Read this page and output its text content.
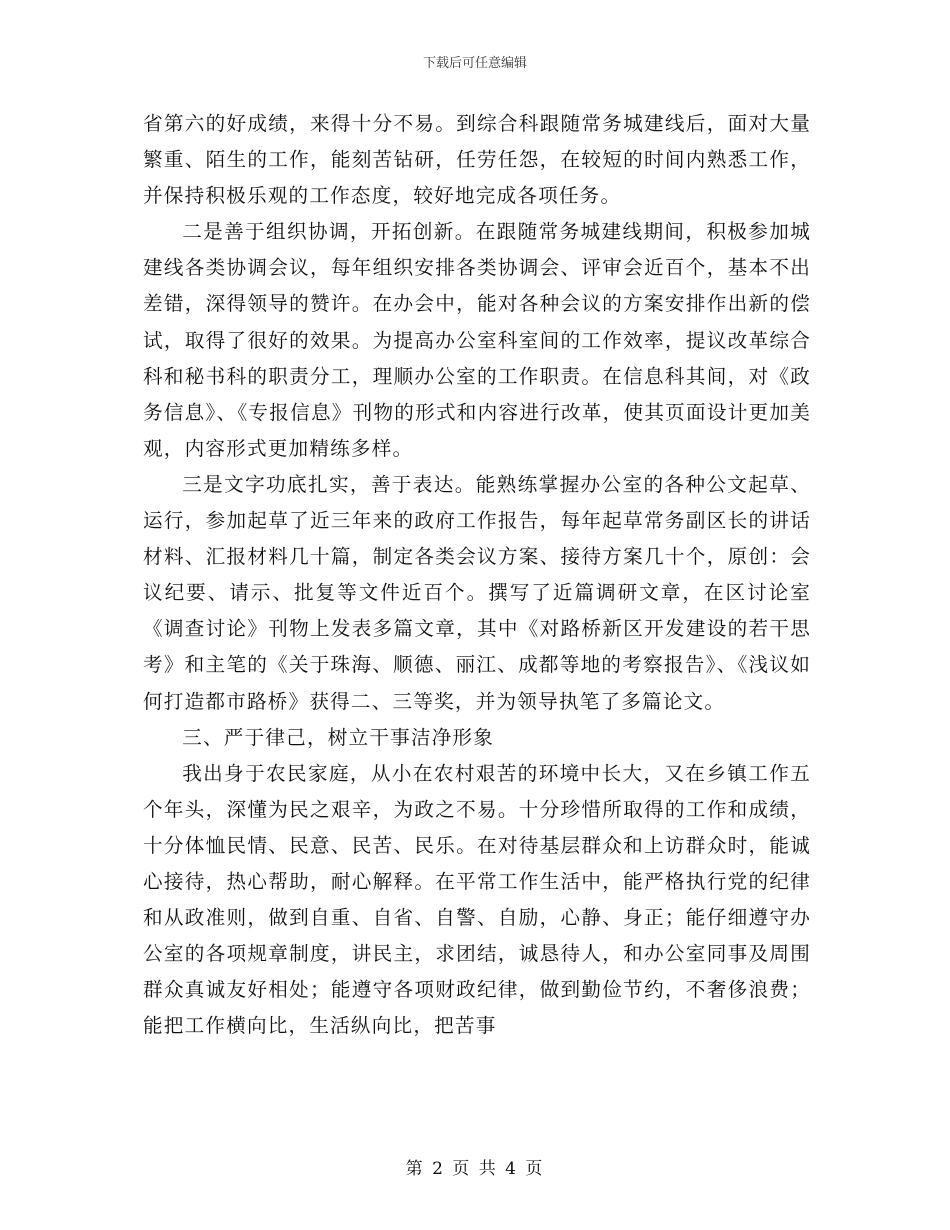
下载后可任意编辑

省第六的好成绩，来得十分不易。到综合科跟随常务城建线后，面对大量繁重、陌生的工作，能刻苦钻研，任劳任怨，在较短的时间内熟悉工作，并保持积极乐观的工作态度，较好地完成各项任务。

二是善于组织协调，开拓创新。在跟随常务城建线期间，积极参加城建线各类协调会议，每年组织安排各类协调会、评审会近百个，基本不出差错，深得领导的赞许。在办会中，能对各种会议的方案安排作出新的偿试，取得了很好的效果。为提高办公室科室间的工作效率，提议改革综合科和秘书科的职责分工，理顺办公室的工作职责。在信息科其间，对《政务信息》、《专报信息》刊物的形式和内容进行改革，使其页面设计更加美观，内容形式更加精练多样。

三是文字功底扎实，善于表达。能熟练掌握办公室的各种公文起草、运行，参加起草了近三年来的政府工作报告，每年起草常务副区长的讲话材料、汇报材料几十篇，制定各类会议方案、接待方案几十个，原创：会议纪要、请示、批复等文件近百个。撰写了近篇调研文章，在区讨论室《调查讨论》刊物上发表多篇文章，其中《对路桥新区开发建设的若干思考》和主笔的《关于珠海、顺德、丽江、成都等地的考察报告》、《浅议如何打造都市路桥》获得二、三等奖，并为领导执笔了多篇论文。

三、严于律己，树立干事洁净形象

我出身于农民家庭，从小在农村艰苦的环境中长大，又在乡镇工作五个年头，深懂为民之艰辛，为政之不易。十分珍惜所取得的工作和成绩，十分体恤民情、民意、民苦、民乐。在对待基层群众和上访群众时，能诚心接待，热心帮助，耐心解释。在平常工作生活中，能严格执行党的纪律和从政准则，做到自重、自省、自警、自励，心静、身正；能仔细遵守办公室的各项规章制度，讲民主，求团结，诚恳待人，和办公室同事及周围群众真诚友好相处；能遵守各项财政纪律，做到勤俭节约，不奢侈浪费；能把工作横向比，生活纵向比，把苦事

第 2 页 共 4 页
